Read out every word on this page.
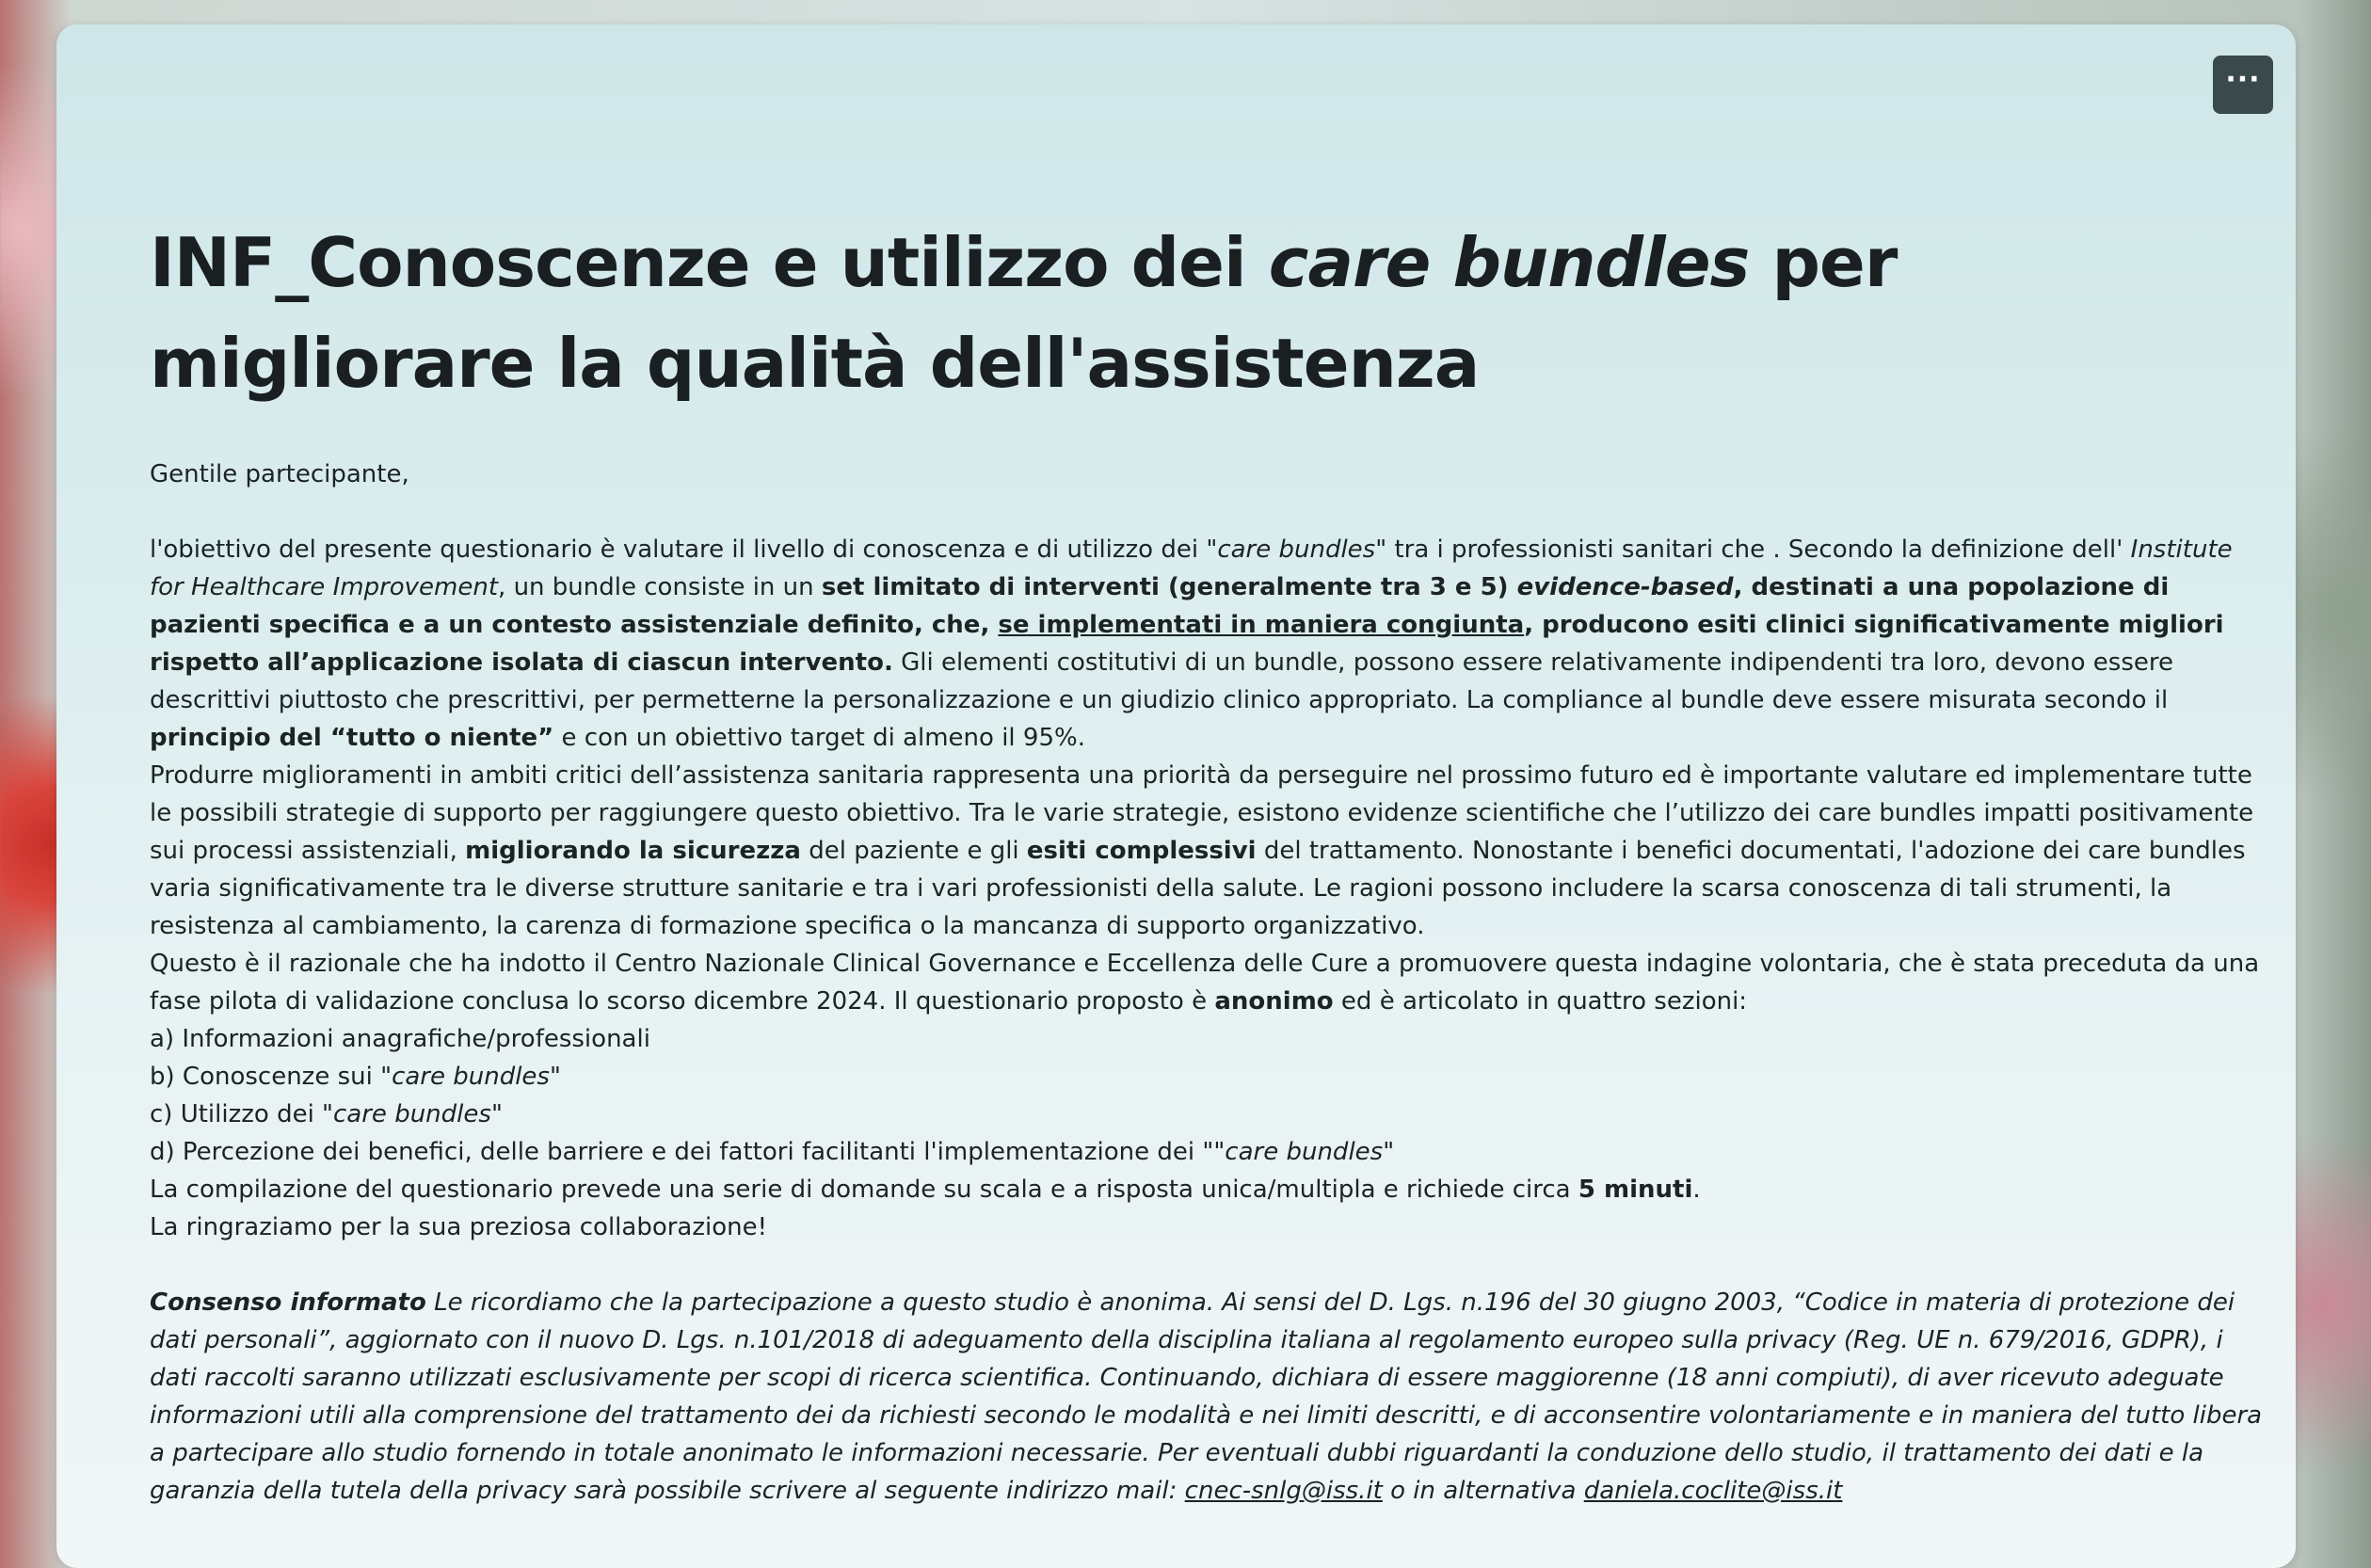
···
INF_Conoscenze e utilizzo dei care bundles per migliorare la qualità dell'assistenza

Gentile partecipante,

l'obiettivo del presente questionario è valutare il livello di conoscenza e di utilizzo dei "care bundles" tra i professionisti sanitari che . Secondo la definizione dell' Institute for Healthcare Improvement, un bundle consiste in un set limitato di interventi (generalmente tra 3 e 5) evidence-based, destinati a una popolazione di pazienti specifica e a un contesto assistenziale definito, che, se implementati in maniera congiunta, producono esiti clinici significativamente migliori rispetto all’applicazione isolata di ciascun intervento. Gli elementi costitutivi di un bundle, possono essere relativamente indipendenti tra loro, devono essere descrittivi piuttosto che prescrittivi, per permetterne la personalizzazione e un giudizio clinico appropriato. La compliance al bundle deve essere misurata secondo il principio del “tutto o niente” e con un obiettivo target di almeno il 95%.

Produrre miglioramenti in ambiti critici dell’assistenza sanitaria rappresenta una priorità da perseguire nel prossimo futuro ed è importante valutare ed implementare tutte le possibili strategie di supporto per raggiungere questo obiettivo. Tra le varie strategie, esistono evidenze scientifiche che l’utilizzo dei care bundles impatti positivamente sui processi assistenziali, migliorando la sicurezza del paziente e gli esiti complessivi del trattamento. Nonostante i benefici documentati, l'adozione dei care bundles varia significativamente tra le diverse strutture sanitarie e tra i vari professionisti della salute. Le ragioni possono includere la scarsa conoscenza di tali strumenti, la resistenza al cambiamento, la carenza di formazione specifica o la mancanza di supporto organizzativo.

Questo è il razionale che ha indotto il Centro Nazionale Clinical Governance e Eccellenza delle Cure a promuovere questa indagine volontaria, che è stata preceduta da una fase pilota di validazione conclusa lo scorso dicembre 2024. Il questionario proposto è anonimo ed è articolato in quattro sezioni:

a) Informazioni anagrafiche/professionali

b) Conoscenze sui "care bundles"

c) Utilizzo dei "care bundles"

d) Percezione dei benefici, delle barriere e dei fattori facilitanti l'implementazione dei ""care bundles"

La compilazione del questionario prevede una serie di domande su scala e a risposta unica/multipla e richiede circa 5 minuti.

La ringraziamo per la sua preziosa collaborazione!

Consenso informato Le ricordiamo che la partecipazione a questo studio è anonima. Ai sensi del D. Lgs. n.196 del 30 giugno 2003, “Codice in materia di protezione dei dati personali”, aggiornato con il nuovo D. Lgs. n.101/2018 di adeguamento della disciplina italiana al regolamento europeo sulla privacy (Reg. UE n. 679/2016, GDPR), i dati raccolti saranno utilizzati esclusivamente per scopi di ricerca scientifica. Continuando, dichiara di essere maggiorenne (18 anni compiuti), di aver ricevuto adeguate informazioni utili alla comprensione del trattamento dei da richiesti secondo le modalità e nei limiti descritti, e di acconsentire volontariamente e in maniera del tutto libera a partecipare allo studio fornendo in totale anonimato le informazioni necessarie. Per eventuali dubbi riguardanti la conduzione dello studio, il trattamento dei dati e la garanzia della tutela della privacy sarà possibile scrivere al seguente indirizzo mail: cnec-snlg@iss.it o in alternativa daniela.coclite@iss.it
